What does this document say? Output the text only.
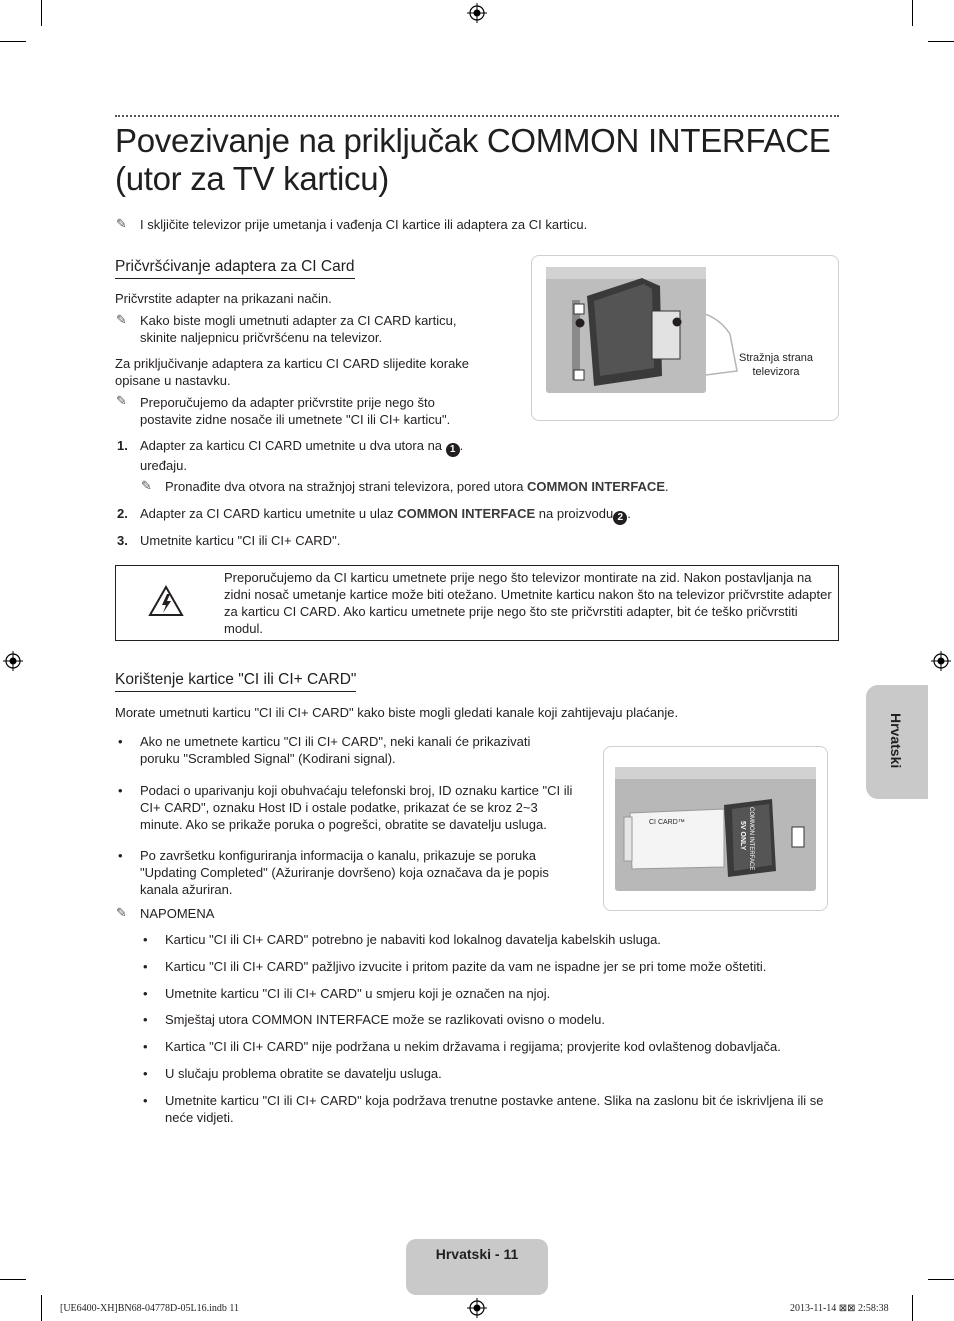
Povezivanje na priključak COMMON INTERFACE (utor za TV karticu)
✎	I skljičite televizor prije umetanja i vađenja CI kartice ili adaptera za CI karticu.
Pričvršćivanje adaptera za CI Card
Pričvrstite adapter na prikazani način.
✎	Kako biste mogli umetnuti adapter za CI CARD karticu, skinite naljepnicu pričvršćenu na televizor.
Za priključivanje adaptera za karticu CI CARD slijedite korake opisane u nastavku.
✎	Preporučujemo da adapter pričvrstite prije nego što postavite zidne nosače ili umetnete "CI ili CI+ karticu".
1. Adapter za karticu CI CARD umetnite u dva utora na 1 . uređaju.
✎	Pronađite dva otvora na stražnjoj strani televizora, pored utora COMMON INTERFACE.
2. Adapter za CI CARD karticu umetnite u ulaz COMMON INTERFACE na proizvodu 2 .
3. Umetnite karticu "CI ili CI+ CARD".
Stražnja strana televizora
Preporučujemo da CI karticu umetnete prije nego što televizor montirate na zid. Nakon postavljanja na zidni nosač umetanje kartice može biti otežano. Umetnite karticu nakon što na televizor pričvrstite adapter za karticu CI CARD. Ako karticu umetnete prije nego što ste pričvrstiti adapter, bit će teško pričvrstiti modul.
Korištenje kartice "CI ili CI+ CARD"
Morate umetnuti karticu "CI ili CI+ CARD" kako biste mogli gledati kanale koji zahtijevaju plaćanje.
• Ako ne umetnete karticu "CI ili CI+ CARD", neki kanali će prikazivati poruku "Scrambled Signal" (Kodirani signal).
• Podaci o uparivanju koji obuhvaćaju telefonski broj, ID oznaku kartice "CI ili CI+ CARD", oznaku Host ID i ostale podatke, prikazat će se kroz 2~3 minute. Ako se prikaže poruka o pogrešci, obratite se davatelju usluga.
• Po završetku konfiguriranja informacija o kanalu, prikazuje se poruka "Updating Completed" (Ažuriranje dovršeno) koja označava da je popis kanala ažuriran.
CI CARD™	COMMON INTERFACE
5V ONLY
✎	NAPOMENA
• Karticu "CI ili CI+ CARD" potrebno je nabaviti kod lokalnog davatelja kabelskih usluga.
• Karticu "CI ili CI+ CARD" pažljivo izvucite i pritom pazite da vam ne ispadne jer se pri tome može oštetiti.
• Umetnite karticu "CI ili CI+ CARD" u smjeru koji je označen na njoj.
• Smještaj utora COMMON INTERFACE može se razlikovati ovisno o modelu.
• Kartica "CI ili CI+ CARD" nije podržana u nekim državama i regijama; provjerite kod ovlaštenog dobavljača.
• U slučaju problema obratite se davatelju usluga.
• Umetnite karticu "CI ili CI+ CARD" koja podržava trenutne postavke antene. Slika na zaslonu bit će iskrivljena ili se neće vidjeti.
Hrvatski
Hrvatski - 11
[UE6400-XH]BN68-04778D-05L16.indb 11	2013-11-14 ⊠⊠ 2:58:38
